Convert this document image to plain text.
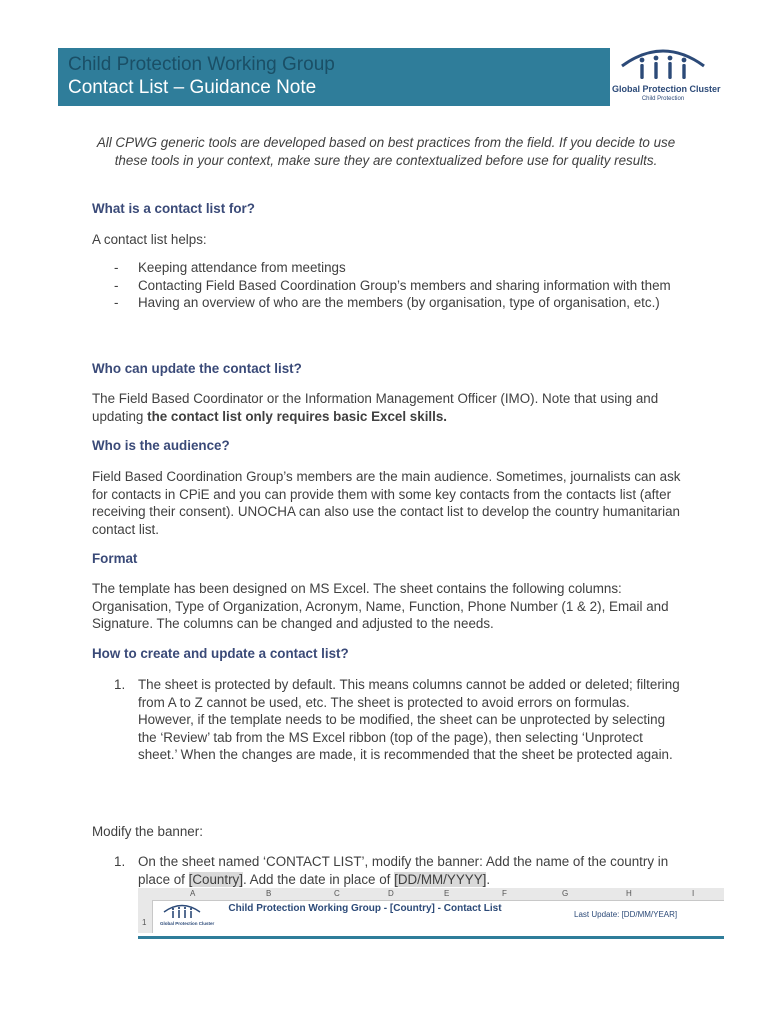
Child Protection Working Group
Contact List – Guidance Note	Global Protection Cluster
Child Protection
All CPWG generic tools are developed based on best practices from the field. If you decide to use these tools in your context, make sure they are contextualized before use for quality results.
What is a contact list for?
A contact list helps:
- Keeping attendance from meetings
- Contacting Field Based Coordination Group’s members and sharing information with them
- Having an overview of who are the members (by organisation, type of organisation, etc.)
Who can update the contact list?
The Field Based Coordinator or the Information Management Officer (IMO). Note that using and updating the contact list only requires basic Excel skills.
Who is the audience?
Field Based Coordination Group’s members are the main audience. Sometimes, journalists can ask for contacts in CPiE and you can provide them with some key contacts from the contacts list (after receiving their consent). UNOCHA can also use the contact list to develop the country humanitarian contact list.
Format
The template has been designed on MS Excel. The sheet contains the following columns: Organisation, Type of Organization, Acronym, Name, Function, Phone Number (1 & 2), Email and Signature. The columns can be changed and adjusted to the needs.
How to create and update a contact list?
1. The sheet is protected by default. This means columns cannot be added or deleted; filtering from A to Z cannot be used, etc. The sheet is protected to avoid errors on formulas. However, if the template needs to be modified, the sheet can be unprotected by selecting the ‘Review’ tab from the MS Excel ribbon (top of the page), then selecting ‘Unprotect sheet.’ When the changes are made, it is recommended that the sheet be protected again.
Modify the banner:
1. On the sheet named ‘CONTACT LIST’, modify the banner: Add the name of the country in place of [Country]. Add the date in place of [DD/MM/YYYY].
A	B	C	D	E	F	G	H	I
1	Global Protection Cluster
Child Protection Working Group - [Country] - Contact List
Last Update: [DD/MM/YEAR]
